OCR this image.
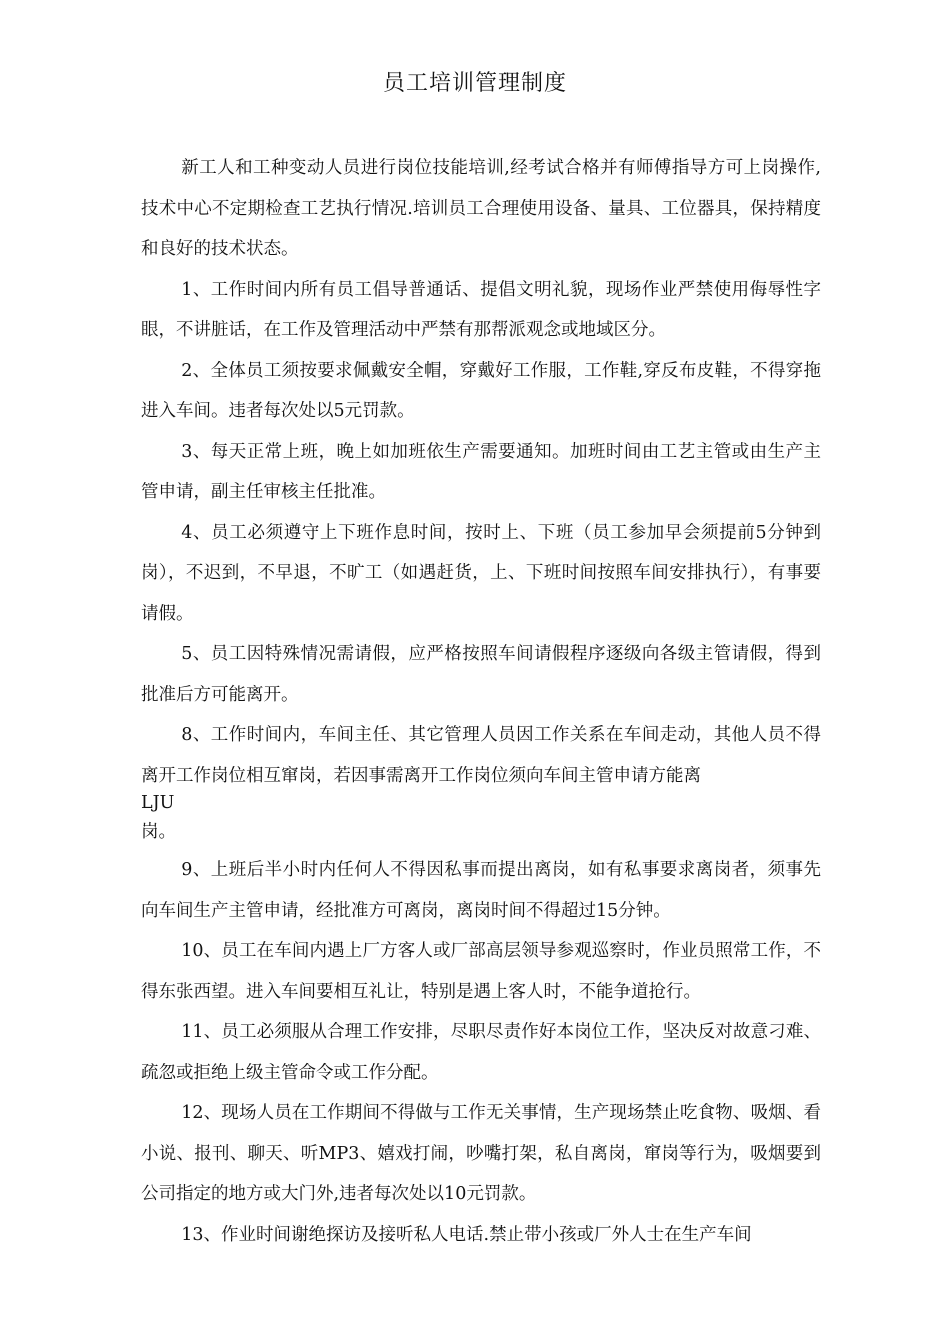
员工培训管理制度

新工人和工种变动人员进行岗位技能培训,经考试合格并有师傅指导方可上岗操作,技术中心不定期检查工艺执行情况.培训员工合理使用设备、量具、工位器具，保持精度和良好的技术状态。

1、工作时间内所有员工倡导普通话、提倡文明礼貌，现场作业严禁使用侮辱性字眼，不讲脏话，在工作及管理活动中严禁有那帮派观念或地域区分。

2、全体员工须按要求佩戴安全帽，穿戴好工作服，工作鞋,穿反布皮鞋，不得穿拖进入车间。违者每次处以5元罚款。

3、每天正常上班，晚上如加班依生产需要通知。加班时间由工艺主管或由生产主管申请，副主任审核主任批准。

4、员工必须遵守上下班作息时间，按时上、下班（员工参加早会须提前5分钟到岗），不迟到，不早退，不旷工（如遇赶货，上、下班时间按照车间安排执行），有事要请假。

5、员工因特殊情况需请假，应严格按照车间请假程序逐级向各级主管请假，得到批准后方可能离开。

8、工作时间内，车间主任、其它管理人员因工作关系在车间走动，其他人员不得离开工作岗位相互窜岗，若因事需离开工作岗位须向车间主管申请方能离
LJU
岗。

9、上班后半小时内任何人不得因私事而提出离岗，如有私事要求离岗者，须事先向车间生产主管申请，经批准方可离岗，离岗时间不得超过15分钟。

10、员工在车间内遇上厂方客人或厂部高层领导参观巡察时，作业员照常工作，不得东张西望。进入车间要相互礼让，特别是遇上客人时，不能争道抢行。

11、员工必须服从合理工作安排，尽职尽责作好本岗位工作，坚决反对故意刁难、疏忽或拒绝上级主管命令或工作分配。

12、现场人员在工作期间不得做与工作无关事情，生产现场禁止吃食物、吸烟、看小说、报刊、聊天、听MP3、嬉戏打闹，吵嘴打架，私自离岗，窜岗等行为，吸烟要到公司指定的地方或大门外,违者每次处以10元罚款。

13、作业时间谢绝探访及接听私人电话.禁止带小孩或厂外人士在生产车间
